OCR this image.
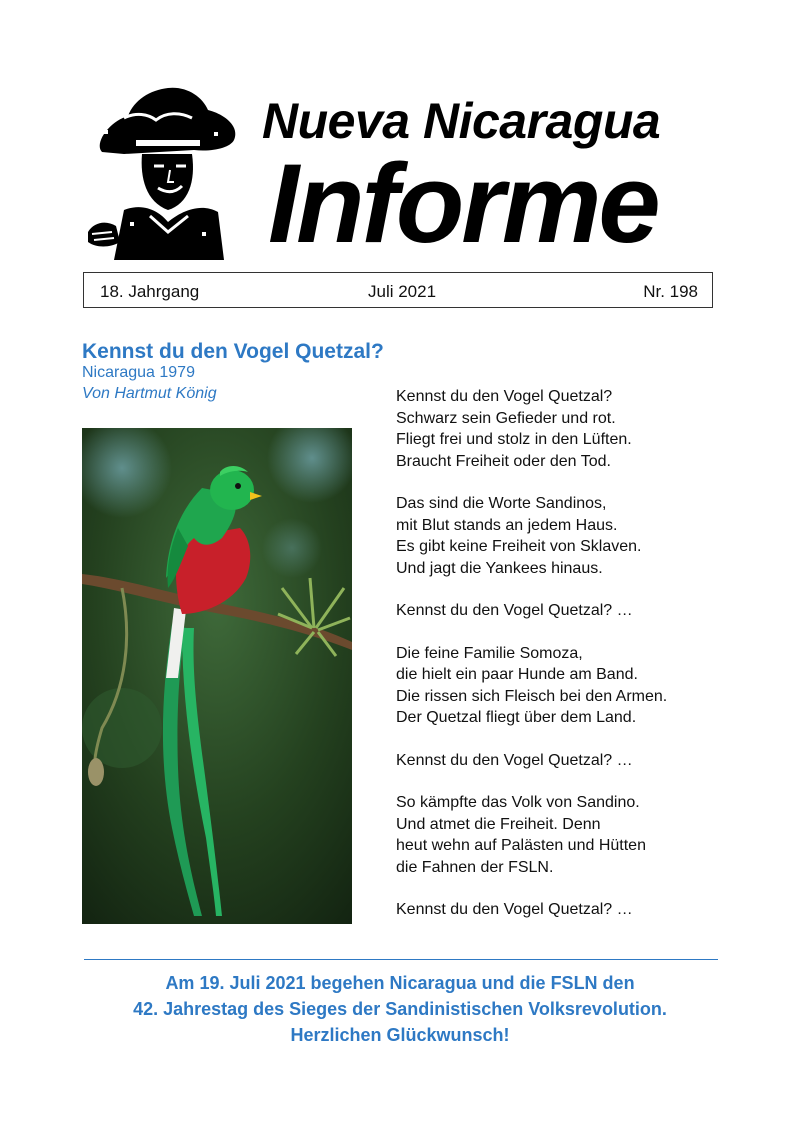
Nueva Nicaragua
Informe
18. Jahrgang	Juli 2021	Nr. 198
Kennst du den Vogel Quetzal?
Nicaragua 1979
Von Hartmut König	Kennst du den Vogel Quetzal?
Schwarz sein Gefieder und rot.
Fliegt frei und stolz in den Lüften.
Braucht Freiheit oder den Tod.
Das sind die Worte Sandinos,
mit Blut stands an jedem Haus.
Es gibt keine Freiheit von Sklaven.
Und jagt die Yankees hinaus.
Kennst du den Vogel Quetzal? …
Die feine Familie Somoza,
die hielt ein paar Hunde am Band.
Die rissen sich Fleisch bei den Armen.
Der Quetzal fliegt über dem Land.
Kennst du den Vogel Quetzal? …
So kämpfte das Volk von Sandino.
Und atmet die Freiheit. Denn
heut wehn auf Palästen und Hütten
die Fahnen der FSLN.
Kennst du den Vogel Quetzal? …
Am 19. Juli 2021 begehen Nicaragua und die FSLN den
42. Jahrestag des Sieges der Sandinistischen Volksrevolution.
Herzlichen Glückwunsch!
